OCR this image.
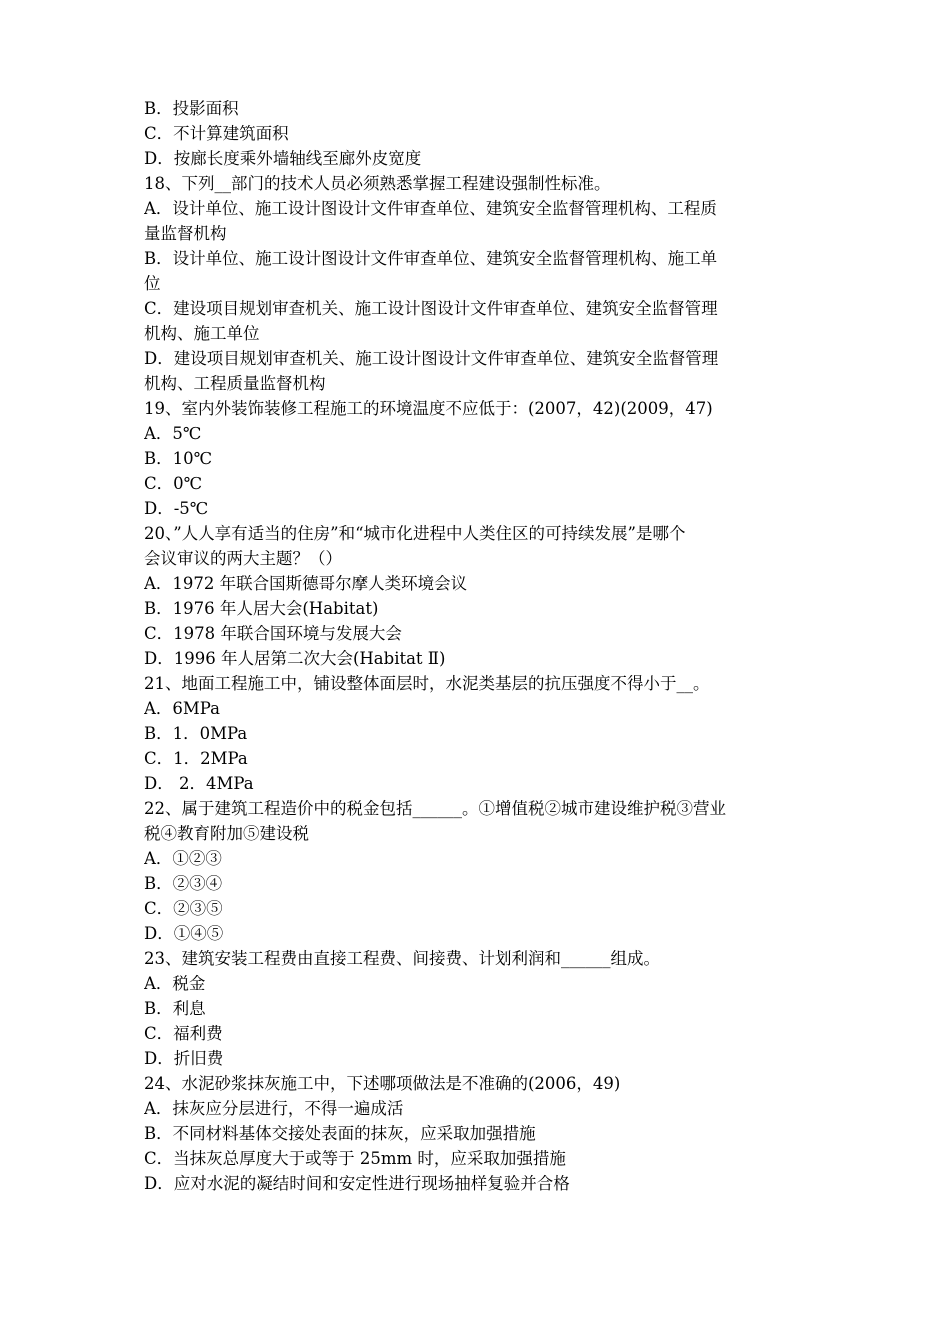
B．投影面积
C．不计算建筑面积
D．按廊长度乘外墙轴线至廊外皮宽度
18、下列__部门的技术人员必须熟悉掌握工程建设强制性标准。
A．设计单位、施工设计图设计文件审查单位、建筑安全监督管理机构、工程质
量监督机构
B．设计单位、施工设计图设计文件审查单位、建筑安全监督管理机构、施工单
位
C．建设项目规划审查机关、施工设计图设计文件审查单位、建筑安全监督管理
机构、施工单位
D．建设项目规划审查机关、施工设计图设计文件审查单位、建筑安全监督管理
机构、工程质量监督机构
19、室内外装饰装修工程施工的环境温度不应低于：(2007，42)(2009，47)
A．5℃
B．10℃
C．0℃
D．-5℃
20、”人人享有适当的住房”和“城市化进程中人类住区的可持续发展”是哪个
会议审议的两大主题？（）
A．1972 年联合国斯德哥尔摩人类环境会议
B．1976 年人居大会(Habitat)
C．1978 年联合国环境与发展大会
D．1996 年人居第二次大会(Habitat Ⅱ)
21、地面工程施工中，铺设整体面层时，水泥类基层的抗压强度不得小于__。
A．6MPa
B．1．0MPa
C．1．2MPa
D． 2．4MPa
22、属于建筑工程造价中的税金包括______。①增值税②城市建设维护税③营业
税④教育附加⑤建设税
A．①②③
B．②③④
C．②③⑤
D．①④⑤
23、建筑安装工程费由直接工程费、间接费、计划利润和______组成。
A．税金
B．利息
C．福利费
D．折旧费
24、水泥砂浆抹灰施工中，下述哪项做法是不准确的(2006，49)
A．抹灰应分层进行，不得一遍成活
B．不同材料基体交接处表面的抹灰，应采取加强措施
C．当抹灰总厚度大于或等于 25mm 时，应采取加强措施
D．应对水泥的凝结时间和安定性进行现场抽样复验并合格
